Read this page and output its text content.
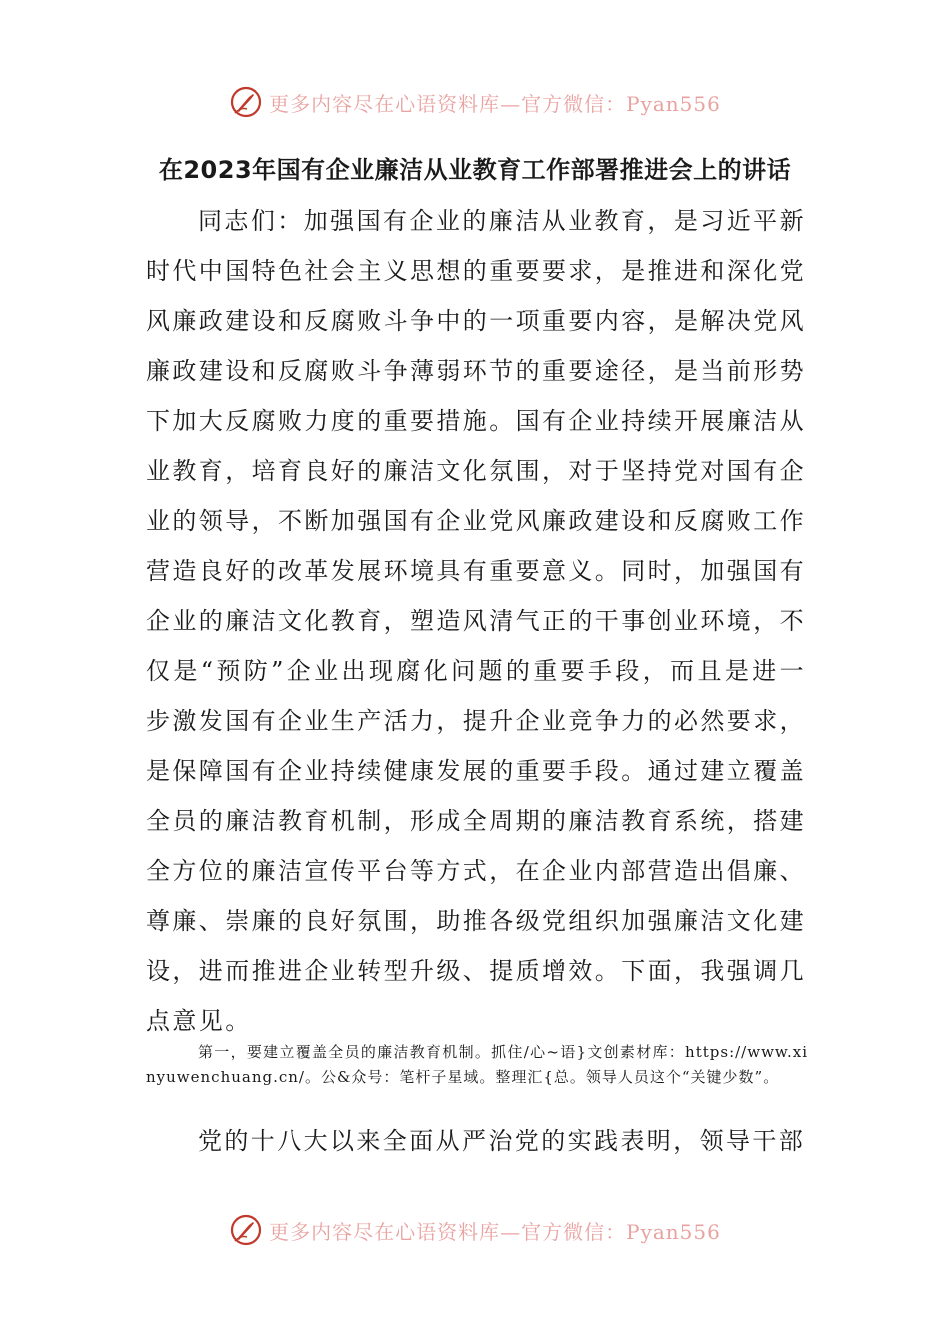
更多内容尽在心语资料库—官方微信：Pyan556
在2023年国有企业廉洁从业教育工作部署推进会上的讲话

同志们：加强国有企业的廉洁从业教育，是习近平新时代中国特色社会主义思想的重要要求，是推进和深化党风廉政建设和反腐败斗争中的一项重要内容，是解决党风廉政建设和反腐败斗争薄弱环节的重要途径，是当前形势下加大反腐败力度的重要措施。国有企业持续开展廉洁从业教育，培育良好的廉洁文化氛围，对于坚持党对国有企业的领导，不断加强国有企业党风廉政建设和反腐败工作营造良好的改革发展环境具有重要意义。同时，加强国有企业的廉洁文化教育，塑造风清气正的干事创业环境，不仅是“预防”企业出现腐化问题的重要手段，而且是进一步激发国有企业生产活力，提升企业竞争力的必然要求，是保障国有企业持续健康发展的重要手段。通过建立覆盖全员的廉洁教育机制，形成全周期的廉洁教育系统，搭建全方位的廉洁宣传平台等方式，在企业内部营造出倡廉、尊廉、崇廉的良好氛围，助推各级党组织加强廉洁文化建设，进而推进企业转型升级、提质增效。下面，我强调几点意见。

第一，要建立覆盖全员的廉洁教育机制。抓住/心~语}文创素材库：https://www.xinyuwenchuang.cn/。公&众号：笔杆子星域。整理汇{总。领导人员这个“关键少数”。

党的十八大以来全面从严治党的实践表明，领导干部

更多内容尽在心语资料库—官方微信：Pyan556
